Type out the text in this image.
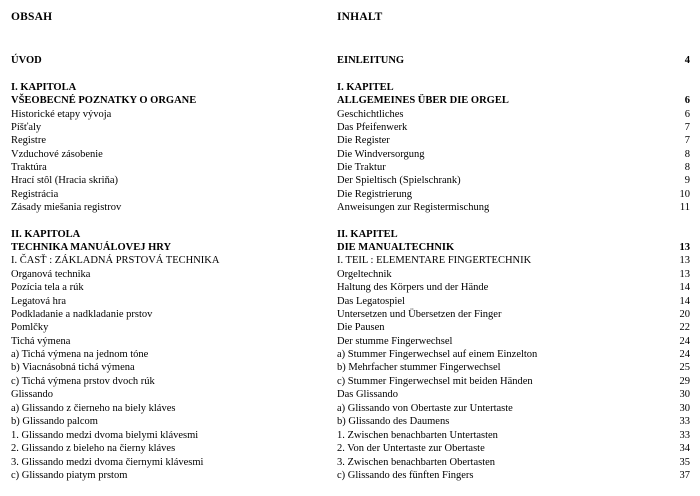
OBSAH	INHALT
ÚVOD	EINLEITUNG	4
I. KAPITOLA	I. KAPITEL
VŠEOBECNÉ POZNATKY O ORGANE	ALLGEMEINES ÜBER DIE ORGEL	6
Historické etapy vývoja	Geschichtliches	6
Píšťaly	Das Pfeifenwerk	7
Registre	Die Register	7
Vzduchové zásobenie	Die Windversorgung	8
Traktúra	Die Traktur	8
Hrací stôl (Hracia skriňa)	Der Spieltisch (Spielschrank)	9
Registrácia	Die Registrierung	10
Zásady miešania registrov	Anweisungen zur Registermischung	11
II. KAPITOLA	II. KAPITEL
TECHNIKA MANUÁLOVEJ HRY	DIE MANUALTECHNIK	13
I. ČASŤ : ZÁKLADNÁ PRSTOVÁ TECHNIKA	I. TEIL : ELEMENTARE FINGERTECHNIK	13
Organová technika	Orgeltechnik	13
Pozícia tela a rúk	Haltung des Körpers und der Hände	14
Legatová hra	Das Legatospiel	14
Podkladanie a nadkladanie prstov	Untersetzen und Übersetzen der Finger	20
Pomlčky	Die Pausen	22
Tichá výmena	Der stumme Fingerwechsel	24
a) Tichá výmena na jednom tóne	a) Stummer Fingerwechsel auf einem Einzelton	24
b) Viacnásobná tichá výmena	b) Mehrfacher stummer Fingerwechsel	25
c) Tichá výmena prstov dvoch rúk	c) Stummer Fingerwechsel mit beiden Händen	29
Glissando	Das Glissando	30
a) Glissando z čierneho na biely kláves	a) Glissando von Obertaste zur Untertaste	30
b) Glissando palcom	b) Glissando des Daumens	33
1. Glissando medzi dvoma bielymi klávesmi	1. Zwischen benachbarten Untertasten	33
2. Glissando z bieleho na čierny kláves	2. Von der Untertaste zur Obertaste	34
3. Glissando medzi dvoma čiernymi klávesmi	3. Zwischen benachbarten Obertasten	35
c) Glissando piatym prstom	c) Glissando des fünften Fingers	37
